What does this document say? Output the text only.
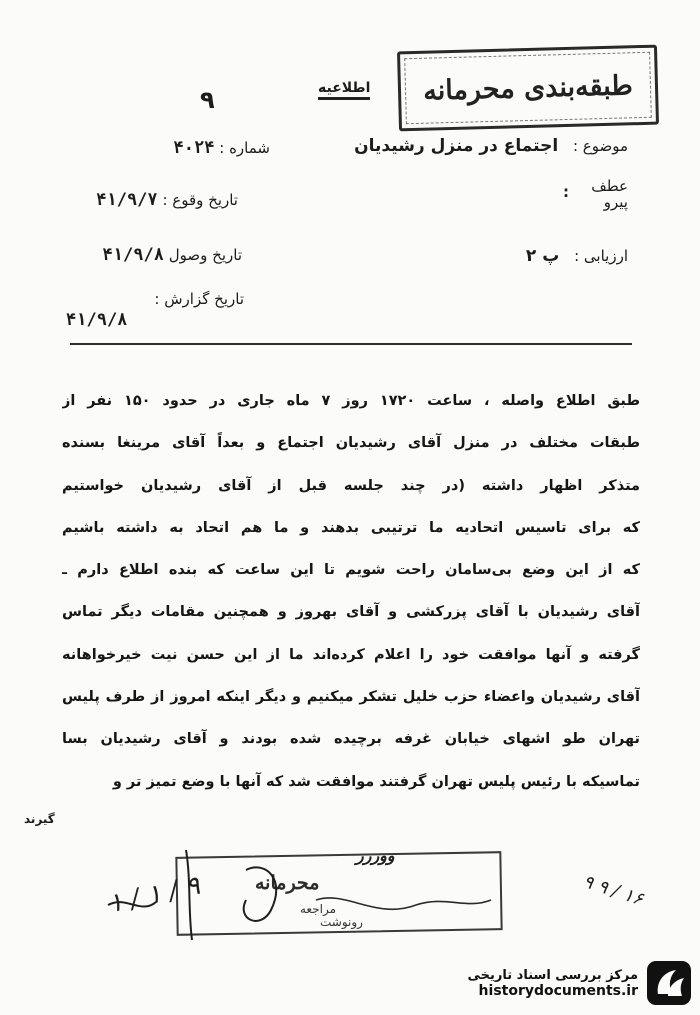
طبقه‌بندی محرمانه
اطلاعیه
٩
موضوع : اجتماع در منزل رشیدیان
عطف
پیرو
:
ارزیابی : پ ۲
شماره : ۴۰۲۴
تاریخ وقوع : ۴۱/۹/۷
تاریخ وصول ۴۱/۹/۸
تاریخ گزارش :
۴۱/۹/۸
طبق اطلاع واصله ، ساعت ۱۷۲۰ روز ۷ ماه جاری در حدود ۱۵۰ نفر از
طبقات مختلف در منزل آقای رشیدیان اجتماع و بعداً آقای مرینغا بسنده
متذکر اظهار داشته (در چند جلسه قبل از آقای رشیدیان خواستیم
که برای تاسیس اتحادیه ما ترتیبی بدهند و ما هم اتحاد به داشته باشیم
که از این وضع بی‌سامان راحت شویم تا این ساعت که بنده اطلاع دارم ـ
آقای رشیدیان با آقای پزرکشی و آقای بهروز و همچنین مقامات دیگر تماس
گرفته و آنها موافقت خود را اعلام کرده‌اند ما از این حسن نیت خیرخواهانه
آقای رشیدیان واعضاء حزب خلیل تشکر میکنیم و دیگر اینکه امروز از طرف پلیس
تهران طو اشهای خیابان غرفه برچیده شده بودند و آقای رشیدیان بسا
تماسیکه با رئیس پلیس تهران گرفتند موافقت شد که آنها با وضع تمیز تر و
گیرند
محرمانه
مراجعه
رونوشت
ووررر
۱ / ۱ / ۹	۹ ۹ / ۱۶
مرکز بررسی اسناد تاریخی
historydocuments.ir
